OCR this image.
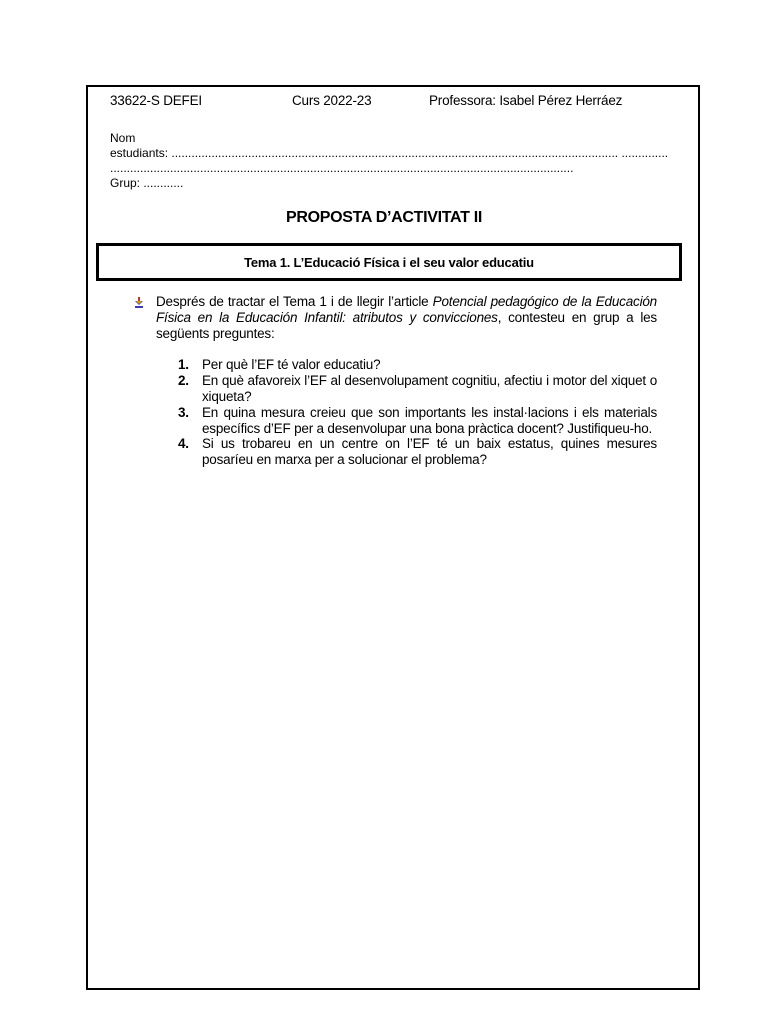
33622-S DEFEI	Curs 2022-23	Professora: Isabel Pérez Herráez
Nom
estudiants: ...................................................................................................................................... ..............
...........................................................................................................................................
Grup: ............
PROPOSTA D’ACTIVITAT II
Tema 1. L’Educació Física i el seu valor educatiu
Després de tractar el Tema 1 i de llegir l’article Potencial pedagógico de la Educación Física en la Educación Infantil: atributos y convicciones, contesteu en grup a les següents preguntes:
1. Per què l’EF té valor educatiu?
2. En què afavoreix l’EF al desenvolupament cognitiu, afectiu i motor del xiquet o xiqueta?
3. En quina mesura creieu que son importants les instal·lacions i els materials específics d’EF per a desenvolupar una bona pràctica docent? Justifiqueu-ho.
4. Si us trobareu en un centre on l’EF té un baix estatus, quines mesures posaríeu en marxa per a solucionar el problema?
